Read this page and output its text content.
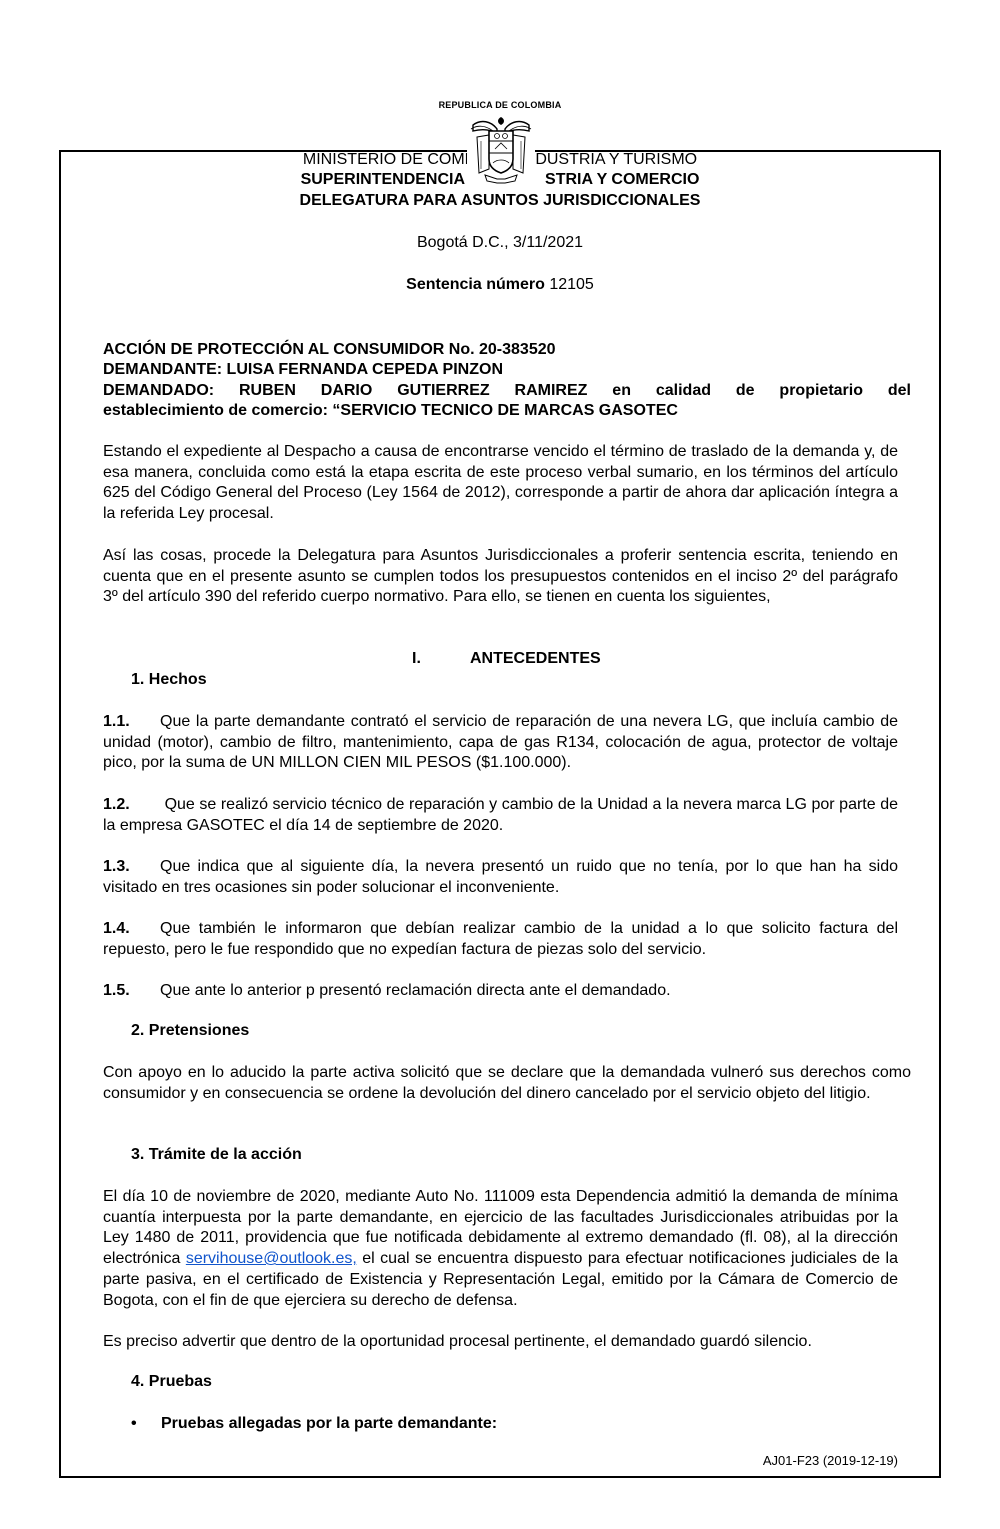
REPUBLICA DE COLOMBIA
MINISTERIO DE COME	DUSTRIA Y TURISMO
SUPERINTENDENCIA	STRIA Y COMERCIO
DELEGATURA PARA ASUNTOS JURISDICCIONALES
Bogotá D.C., 3/11/2021
Sentencia número 12105
ACCIÓN DE PROTECCIÓN AL CONSUMIDOR No. 20-383520
DEMANDANTE: LUISA FERNANDA CEPEDA PINZON
DEMANDADO: RUBEN DARIO GUTIERREZ RAMIREZ en calidad de propietario del
establecimiento de comercio: “SERVICIO TECNICO DE MARCAS GASOTEC
Estando el expediente al Despacho a causa de encontrarse vencido el término de traslado de la demanda y, de esa manera, concluida como está la etapa escrita de este proceso verbal sumario, en los términos del artículo 625 del Código General del Proceso (Ley 1564 de 2012), corresponde a partir de ahora dar aplicación íntegra a la referida Ley procesal.
Así las cosas, procede la Delegatura para Asuntos Jurisdiccionales a proferir sentencia escrita, teniendo en cuenta que en el presente asunto se cumplen todos los presupuestos contenidos en el inciso 2º del parágrafo 3º del artículo 390 del referido cuerpo normativo. Para ello, se tienen en cuenta los siguientes,
I.	ANTECEDENTES
1. Hechos
1.1. Que la parte demandante contrató el servicio de reparación de una nevera LG, que incluía cambio de unidad (motor), cambio de filtro, mantenimiento, capa de gas R134, colocación de agua, protector de voltaje pico, por la suma de UN MILLON CIEN MIL PESOS ($1.100.000).
1.2. Que se realizó servicio técnico de reparación y cambio de la Unidad a la nevera marca LG por parte de la empresa GASOTEC el día 14 de septiembre de 2020.
1.3. Que indica que al siguiente día, la nevera presentó un ruido que no tenía, por lo que han ha sido visitado en tres ocasiones sin poder solucionar el inconveniente.
1.4. Que también le informaron que debían realizar cambio de la unidad a lo que solicito factura del repuesto, pero le fue respondido que no expedían factura de piezas solo del servicio.
1.5. Que ante lo anterior p presentó reclamación directa ante el demandado.
2. Pretensiones
Con apoyo en lo aducido la parte activa solicitó que se declare que la demandada vulneró sus derechos como consumidor y en consecuencia se ordene la devolución del dinero cancelado por el servicio objeto del litigio.
3. Trámite de la acción
El día 10 de noviembre de 2020, mediante Auto No. 111009 esta Dependencia admitió la demanda de mínima cuantía interpuesta por la parte demandante, en ejercicio de las facultades Jurisdiccionales atribuidas por la Ley 1480 de 2011, providencia que fue notificada debidamente al extremo demandado (fl. 08), al la dirección electrónica servihouse@outlook.es, el cual se encuentra dispuesto para efectuar notificaciones judiciales de la parte pasiva, en el certificado de Existencia y Representación Legal, emitido por la Cámara de Comercio de Bogota, con el fin de que ejerciera su derecho de defensa.
Es preciso advertir que dentro de la oportunidad procesal pertinente, el demandado guardó silencio.
4. Pruebas
• Pruebas allegadas por la parte demandante:
AJ01-F23 (2019-12-19)
